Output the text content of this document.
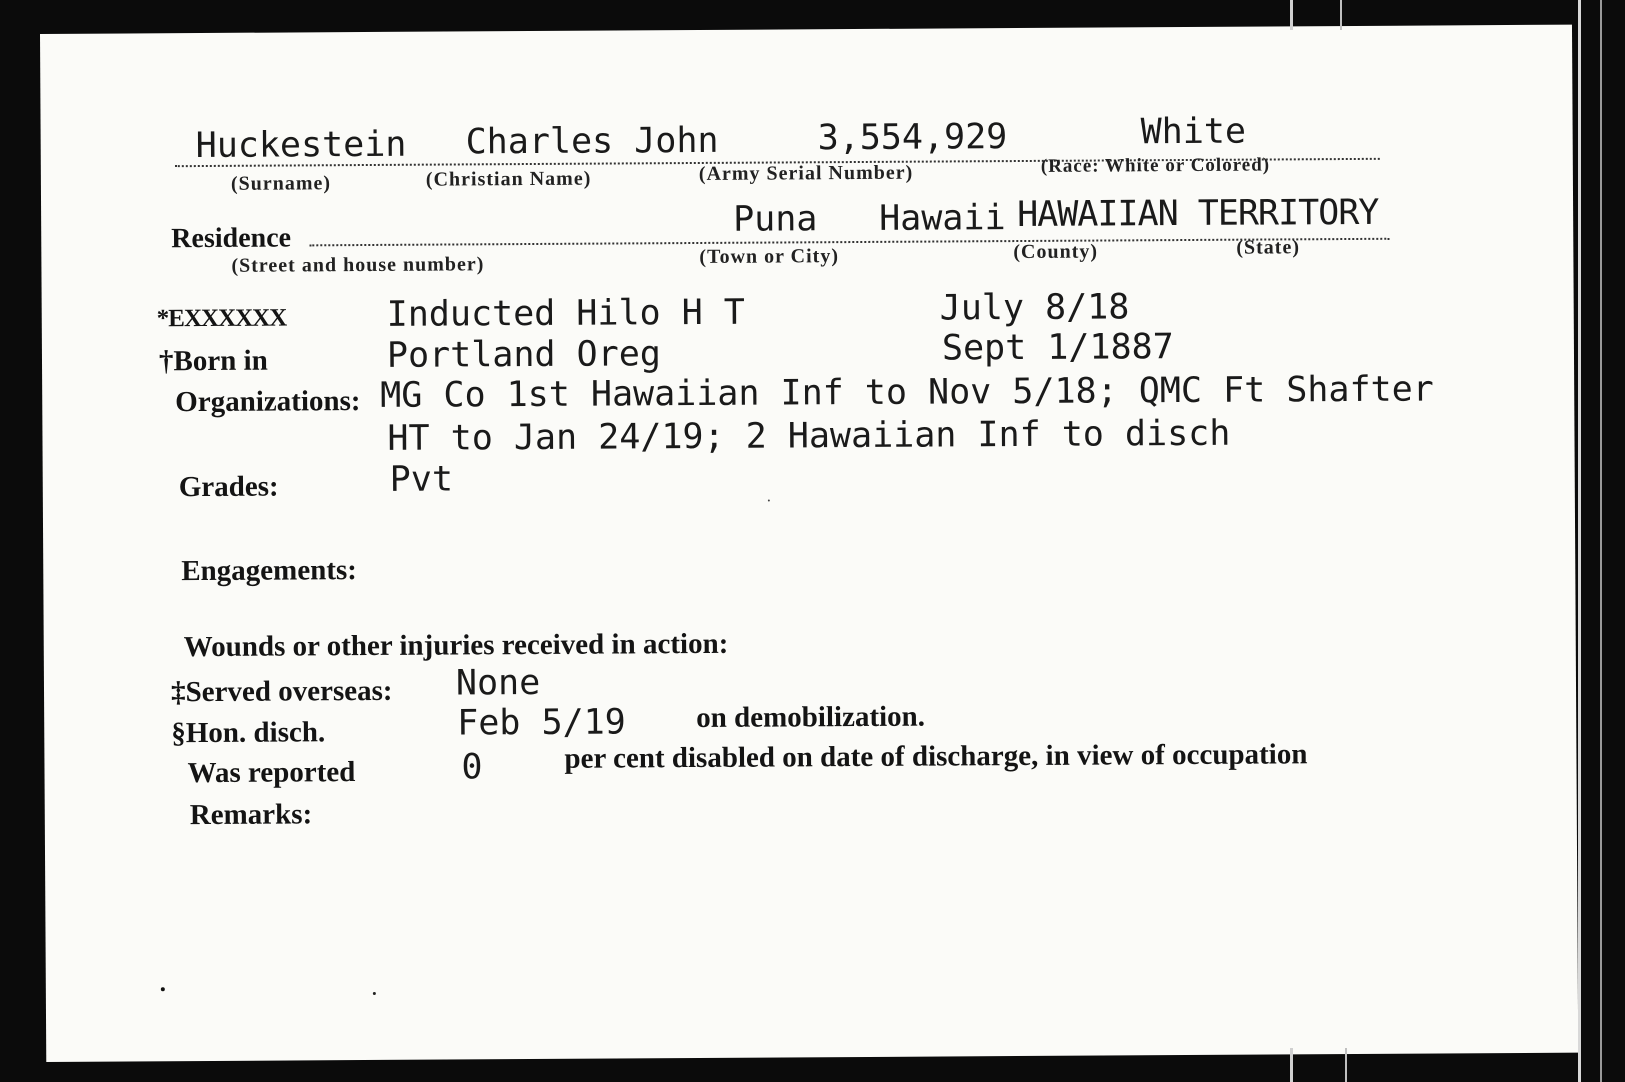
Huckestein Charles John	3,554,929	White
(Surname)	(Christian Name)	(Army Serial Number)	(Race: White or Colored)
Residence	Puna Hawaii HAWAIIAN TERRITORY
(Street and house number)	(Town or City)	(County)	(State)
*EXXXXXX	Inducted Hilo H T	July 8/18
†Born in	Portland Oreg	Sept 1/1887
Organizations: MG Co 1st Hawaiian Inf to Nov 5/18; QMC Ft Shafter
HT to Jan 24/19; 2 Hawaiian Inf to disch
Grades:	Pvt
Engagements:
Wounds or other injuries received in action:
‡Served overseas: None
§Hon. disch.	Feb 5/19 on demobilization.
Was reported	0	per cent disabled on date of discharge, in view of occupation
Remarks:
